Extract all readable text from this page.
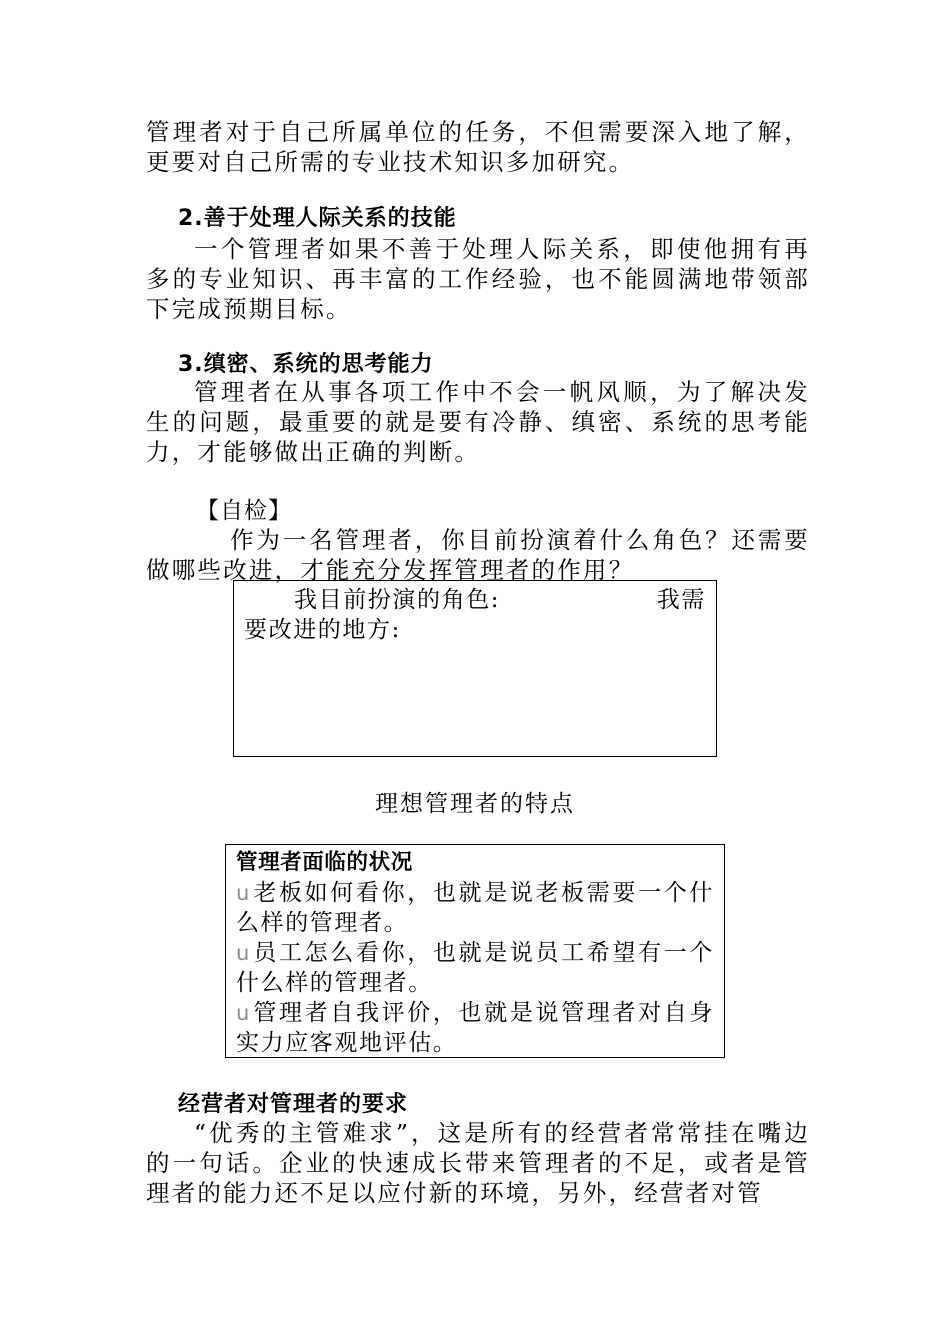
管理者对于自己所属单位的任务，不但需要深入地了解，更要对自己所需的专业技术知识多加研究。
2.善于处理人际关系的技能
一个管理者如果不善于处理人际关系，即使他拥有再多的专业知识、再丰富的工作经验，也不能圆满地带领部下完成预期目标。
3.缜密、系统的思考能力
管理者在从事各项工作中不会一帆风顺，为了解决发生的问题，最重要的就是要有冷静、缜密、系统的思考能力，才能够做出正确的判断。
【自检】
作为一名管理者，你目前扮演着什么角色？还需要做哪些改进，才能充分发挥管理者的作用？
我目前扮演的角色:	我需
要改进的地方:
理想管理者的特点
管理者面临的状况
u 老板如何看你，也就是说老板需要一个什么样的管理者。
u 员工怎么看你，也就是说员工希望有一个什么样的管理者。
u 管理者自我评价，也就是说管理者对自身实力应客观地评估。
经营者对管理者的要求
“优秀的主管难求”，这是所有的经营者常常挂在嘴边的一句话。企业的快速成长带来管理者的不足，或者是管理者的能力还不足以应付新的环境，另外，经营者对管
